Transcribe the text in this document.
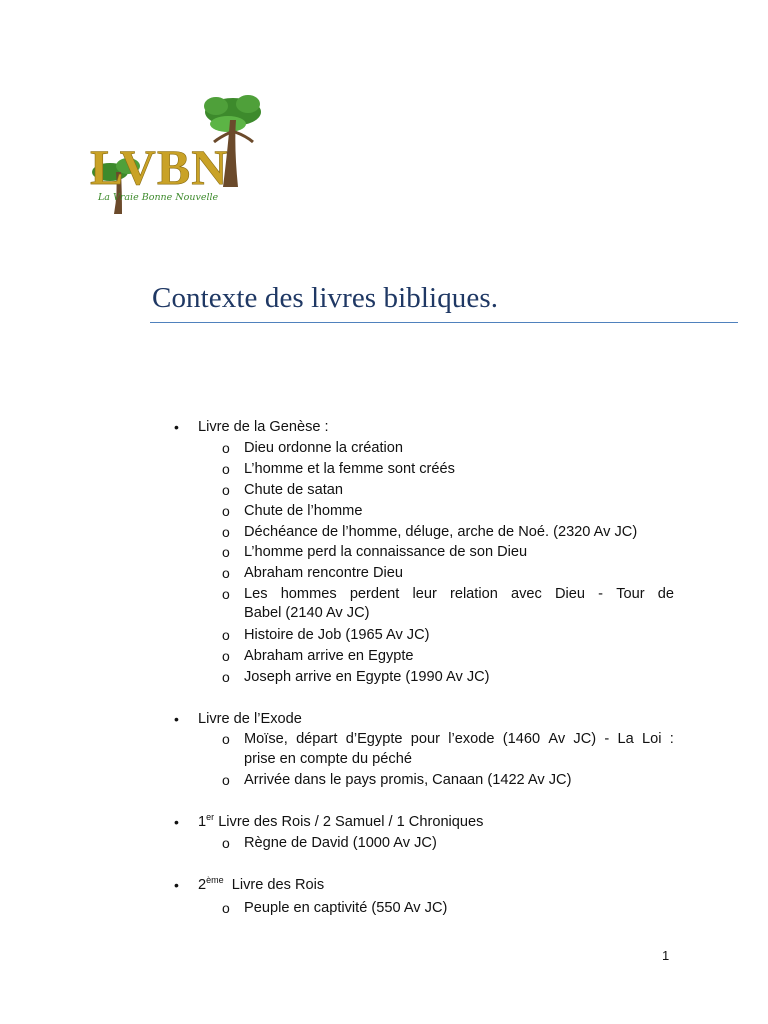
LVBN
La Vraie Bonne Nouvelle
Contexte des livres bibliques.
• Livre de la Genèse :
o Dieu ordonne la création
o L’homme et la femme sont créés
o Chute de satan
o Chute de l’homme
o Déchéance de l’homme, déluge, arche de Noé. (2320 Av JC)
o L’homme perd la connaissance de son Dieu
o Abraham rencontre Dieu
o Les hommes perdent leur relation avec Dieu - Tour de
Babel (2140 Av JC)
o Histoire de Job (1965 Av JC)
o Abraham arrive en Egypte
o Joseph arrive en Egypte (1990 Av JC)
• Livre de l’Exode
o Moïse, départ d’Egypte pour l’exode (1460 Av JC) - La Loi :
prise en compte du péché
o Arrivée dans le pays promis, Canaan (1422 Av JC)
• 1er Livre des Rois / 2 Samuel / 1 Chroniques
o Règne de David (1000 Av JC)
• 2ème  Livre des Rois
o Peuple en captivité (550 Av JC)
1
